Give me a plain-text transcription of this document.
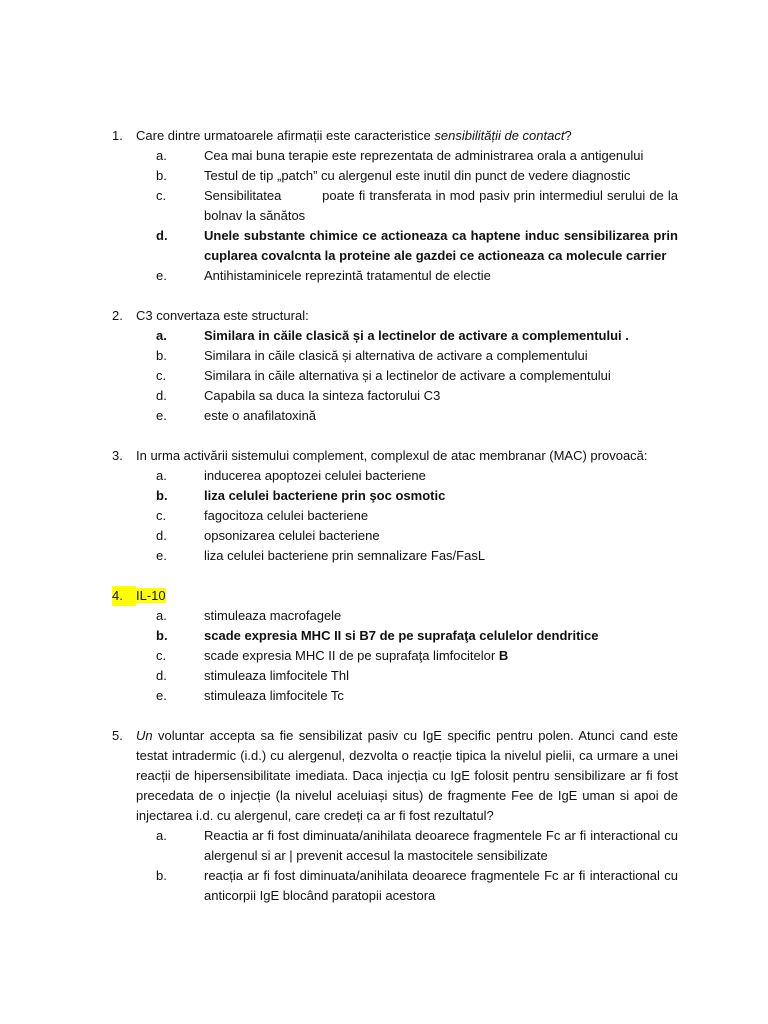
1.	Care dintre urmatoarele afirmații este caracteristice sensibilității de contact?
a.	Cea mai buna terapie este reprezentata de administrarea orala a antigenului
b.	Testul de tip „patch” cu alergenul este inutil din punct de vedere diagnostic
c.	Sensibilitatea          poate fi transferata in mod pasiv prin intermediul serului de la bolnav la sănătos
d.	Unele substante chimice ce actioneaza ca haptene induc sensibilizarea prin cuplarea covalcnta la proteine ale gazdei ce actioneaza ca molecule carrier
e.	Antihistaminicele reprezintă tratamentul de electie
2.	C3 convertaza este structural:
a.	Similara in căile clasică și a lectinelor de activare a complementului .
b.	Similara in căile clasică și alternativa de activare a complementului
c.	Similara in căile alternativa și a lectinelor de activare a complementului
d.	Capabila sa duca Ia sinteza factorului C3
e.	este o anafilatoxină
3.	In urma activării sistemului complement, complexul de atac membranar (MAC) provoacă:
a.	inducerea apoptozei celulei bacteriene
b.	liza celulei bacteriene prin şoc osmotic
c.	fagocitoza celulei bacteriene
d.	opsonizarea celulei bacteriene
e.	liza celulei bacteriene prin semnalizare Fas/FasL
4.	IL-10
a.	stimuleaza macrofagele
b.	scade expresia MHC II si B7 de pe suprafaţa celulelor dendritice
c.	scade expresia MHC II de pe suprafaţa limfocitelor B
d.	stimuleaza limfocitele Thl
e.	stimuleaza limfocitele Tc
5.	Un voluntar accepta sa fie sensibilizat pasiv cu IgE specific pentru polen. Atunci cand este testat intradermic (i.d.) cu alergenul, dezvolta o reacție tipica la nivelul pielii, ca urmare a unei reacții de hipersensibilitate imediata. Daca injecția cu IgE folosit pentru sensibilizare ar fi fost precedata de o injecție (la nivelul aceluiași situs) de fragmente Fee de IgE uman si apoi de injectarea i.d. cu alergenul, care credeți ca ar fi fost rezultatul?
a.	Reactia ar fi fost diminuata/anihilata deoarece fragmentele Fc ar fi interactional cu alergenul si ar | prevenit accesul la mastocitele sensibilizate
b.	reacția ar fi fost diminuata/anihilata deoarece fragmentele Fc ar fi interactional cu anticorpii IgE blocând paratopii acestora
